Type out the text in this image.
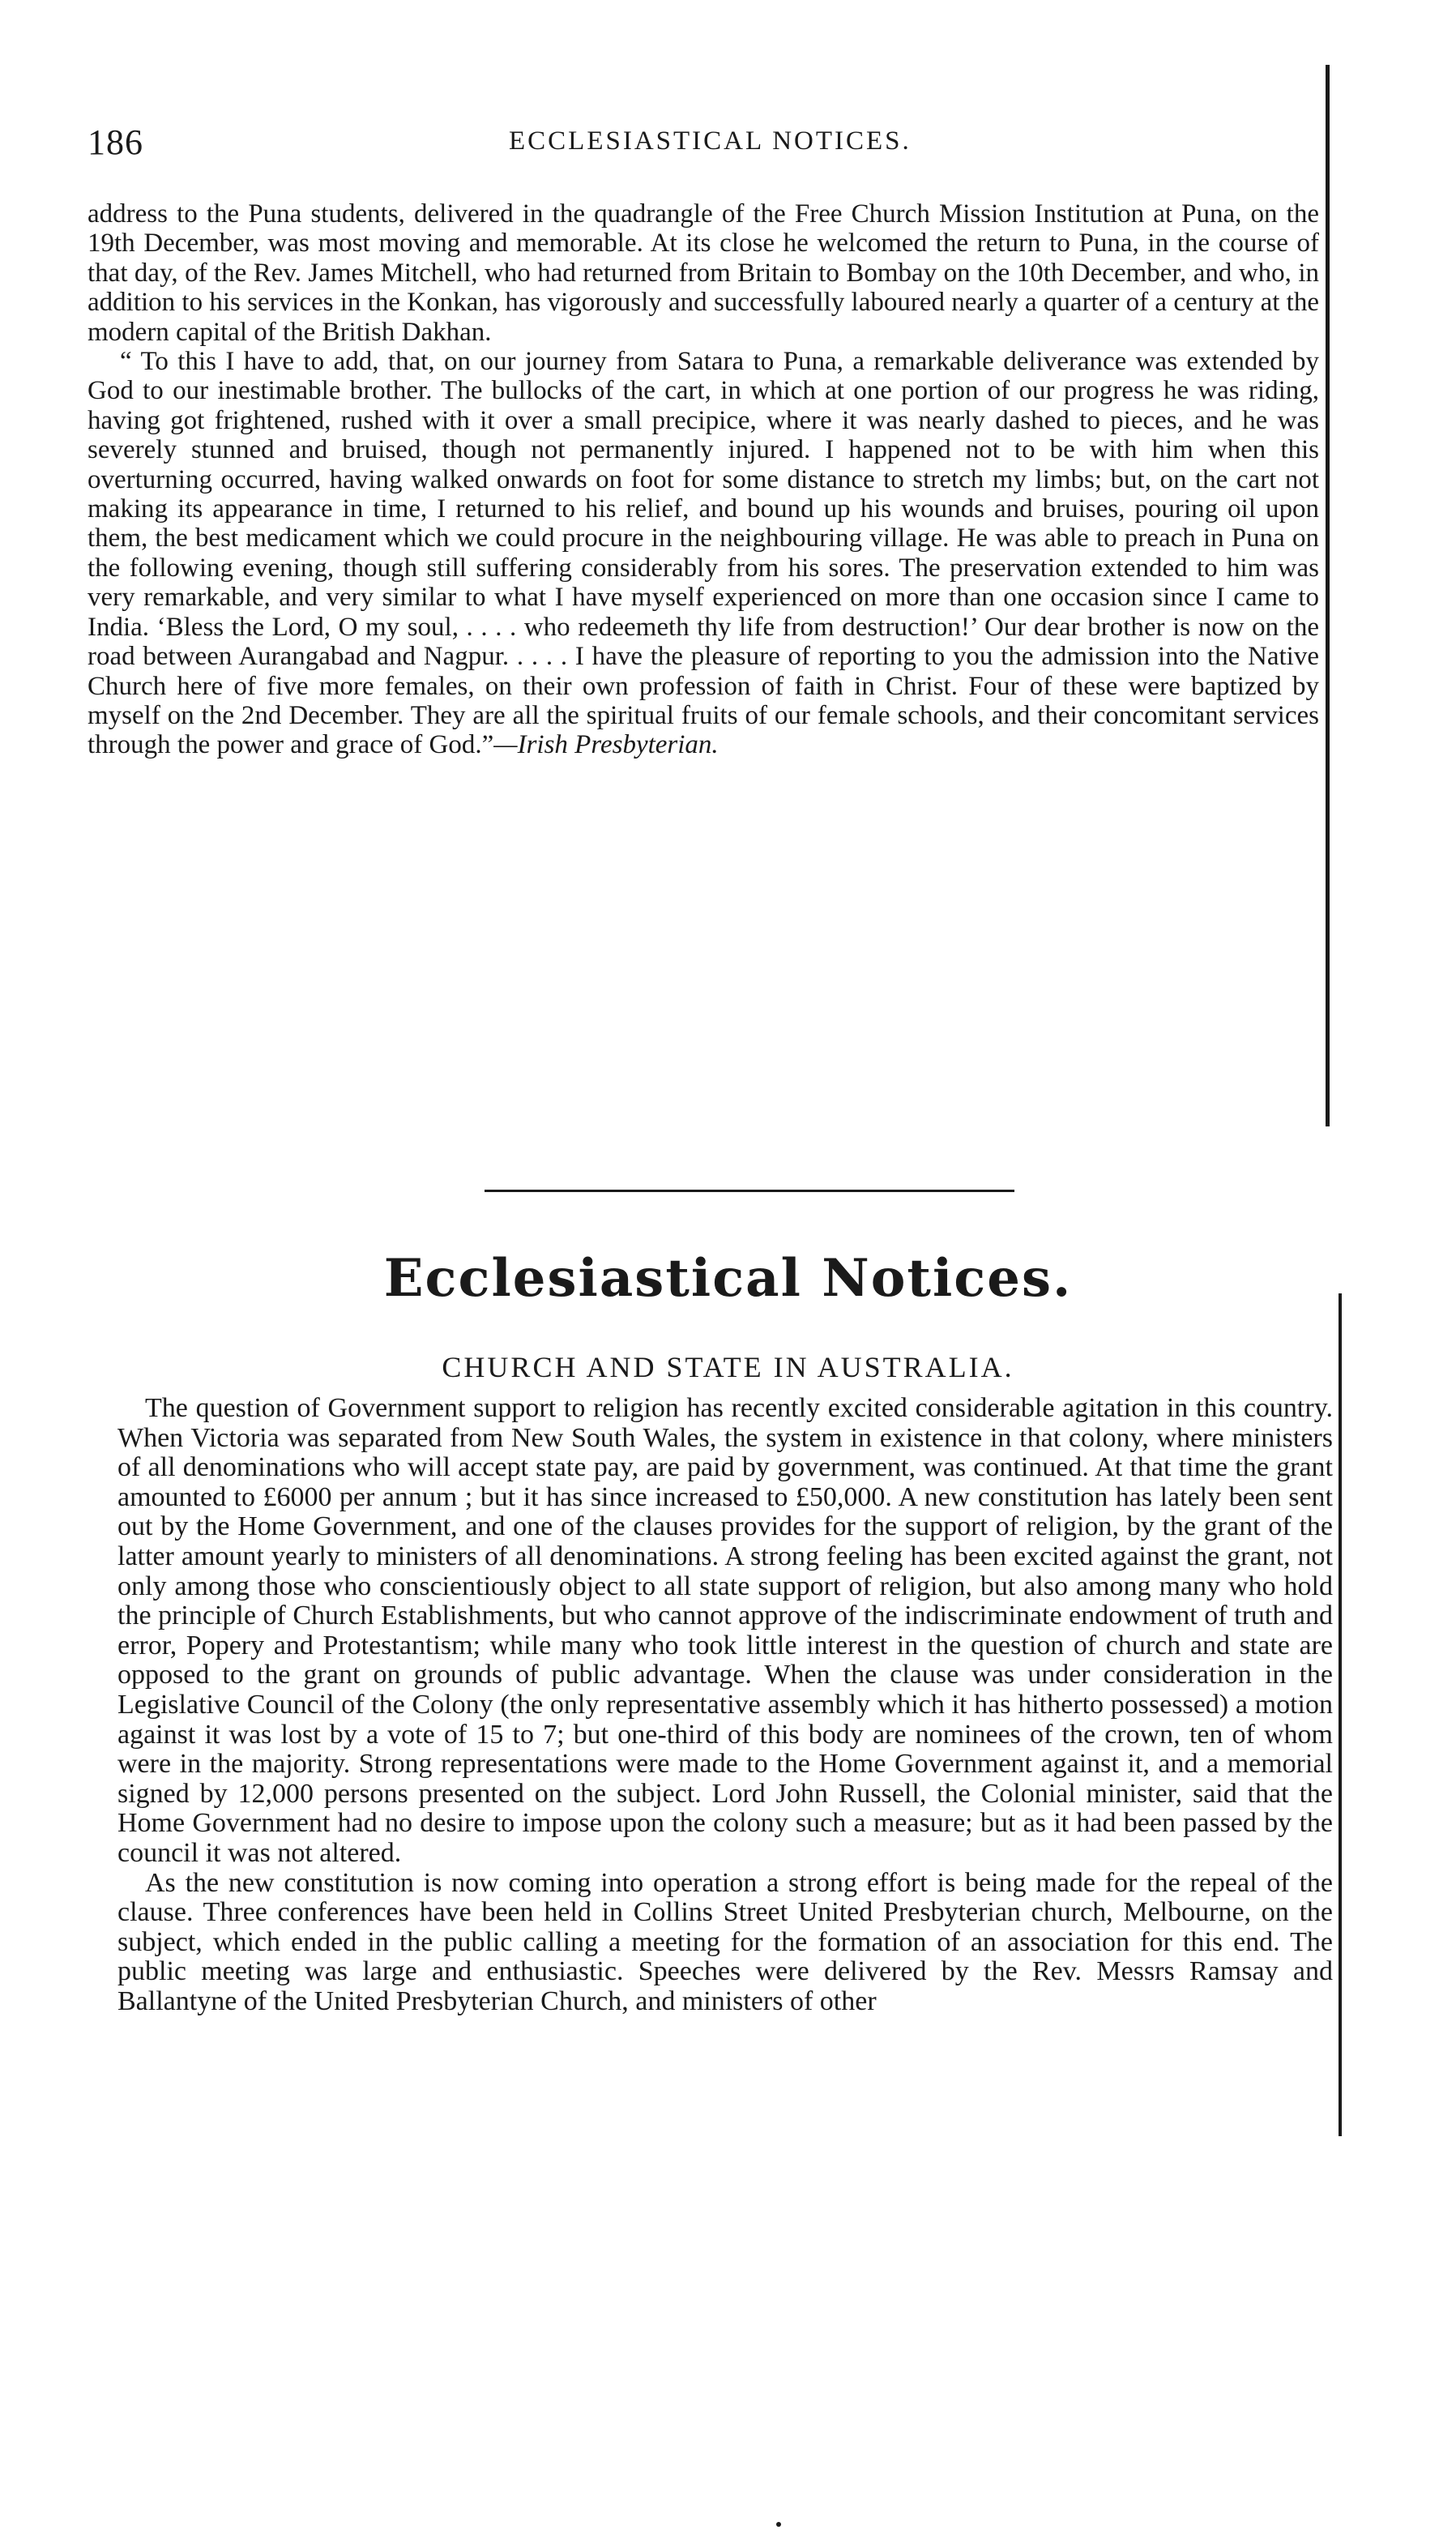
186	ECCLESIASTICAL NOTICES.

address to the Puna students, delivered in the quadrangle of the Free Church Mission Institution at Puna, on the 19th December, was most moving and memorable. At its close he welcomed the return to Puna, in the course of that day, of the Rev. James Mitchell, who had returned from Britain to Bombay on the 10th December, and who, in addition to his services in the Konkan, has vigorously and successfully laboured nearly a quarter of a century at the modern capital of the British Dakhan.

“ To this I have to add, that, on our journey from Satara to Puna, a remarkable deliverance was extended by God to our inestimable brother. The bullocks of the cart, in which at one portion of our progress he was riding, having got frightened, rushed with it over a small precipice, where it was nearly dashed to pieces, and he was severely stunned and bruised, though not permanently injured. I happened not to be with him when this overturning occurred, having walked onwards on foot for some distance to stretch my limbs; but, on the cart not making its appearance in time, I returned to his relief, and bound up his wounds and bruises, pouring oil upon them, the best medicament which we could procure in the neighbouring village. He was able to preach in Puna on the following evening, though still suffering considerably from his sores. The preservation extended to him was very remarkable, and very similar to what I have myself experienced on more than one occasion since I came to India. ‘Bless the Lord, O my soul, . . . . who redeemeth thy life from destruction!’ Our dear brother is now on the road between Aurangabad and Nagpur. . . . . I have the pleasure of reporting to you the admission into the Native Church here of five more females, on their own profession of faith in Christ. Four of these were baptized by myself on the 2nd December. They are all the spiritual fruits of our female schools, and their concomitant services through the power and grace of God.”—Irish Presbyterian.

Ecclesiastical Notices.
CHURCH AND STATE IN AUSTRALIA.

The question of Government support to religion has recently excited considerable agitation in this country. When Victoria was separated from New South Wales, the system in existence in that colony, where ministers of all denominations who will accept state pay, are paid by government, was continued. At that time the grant amounted to £6000 per annum ; but it has since increased to £50,000. A new constitution has lately been sent out by the Home Government, and one of the clauses provides for the support of religion, by the grant of the latter amount yearly to ministers of all denominations. A strong feeling has been excited against the grant, not only among those who conscientiously object to all state support of religion, but also among many who hold the principle of Church Establishments, but who cannot approve of the indiscriminate endowment of truth and error, Popery and Protestantism; while many who took little interest in the question of church and state are opposed to the grant on grounds of public advantage. When the clause was under consideration in the Legislative Council of the Colony (the only representative assembly which it has hitherto possessed) a motion against it was lost by a vote of 15 to 7; but one-third of this body are nominees of the crown, ten of whom were in the majority. Strong representations were made to the Home Government against it, and a memorial signed by 12,000 persons presented on the subject. Lord John Russell, the Colonial minister, said that the Home Government had no desire to impose upon the colony such a measure; but as it had been passed by the council it was not altered.

As the new constitution is now coming into operation a strong effort is being made for the repeal of the clause. Three conferences have been held in Collins Street United Presbyterian church, Melbourne, on the subject, which ended in the public calling a meeting for the formation of an association for this end. The public meeting was large and enthusiastic. Speeches were delivered by the Rev. Messrs Ramsay and Ballantyne of the United Presbyterian Church, and ministers of other
